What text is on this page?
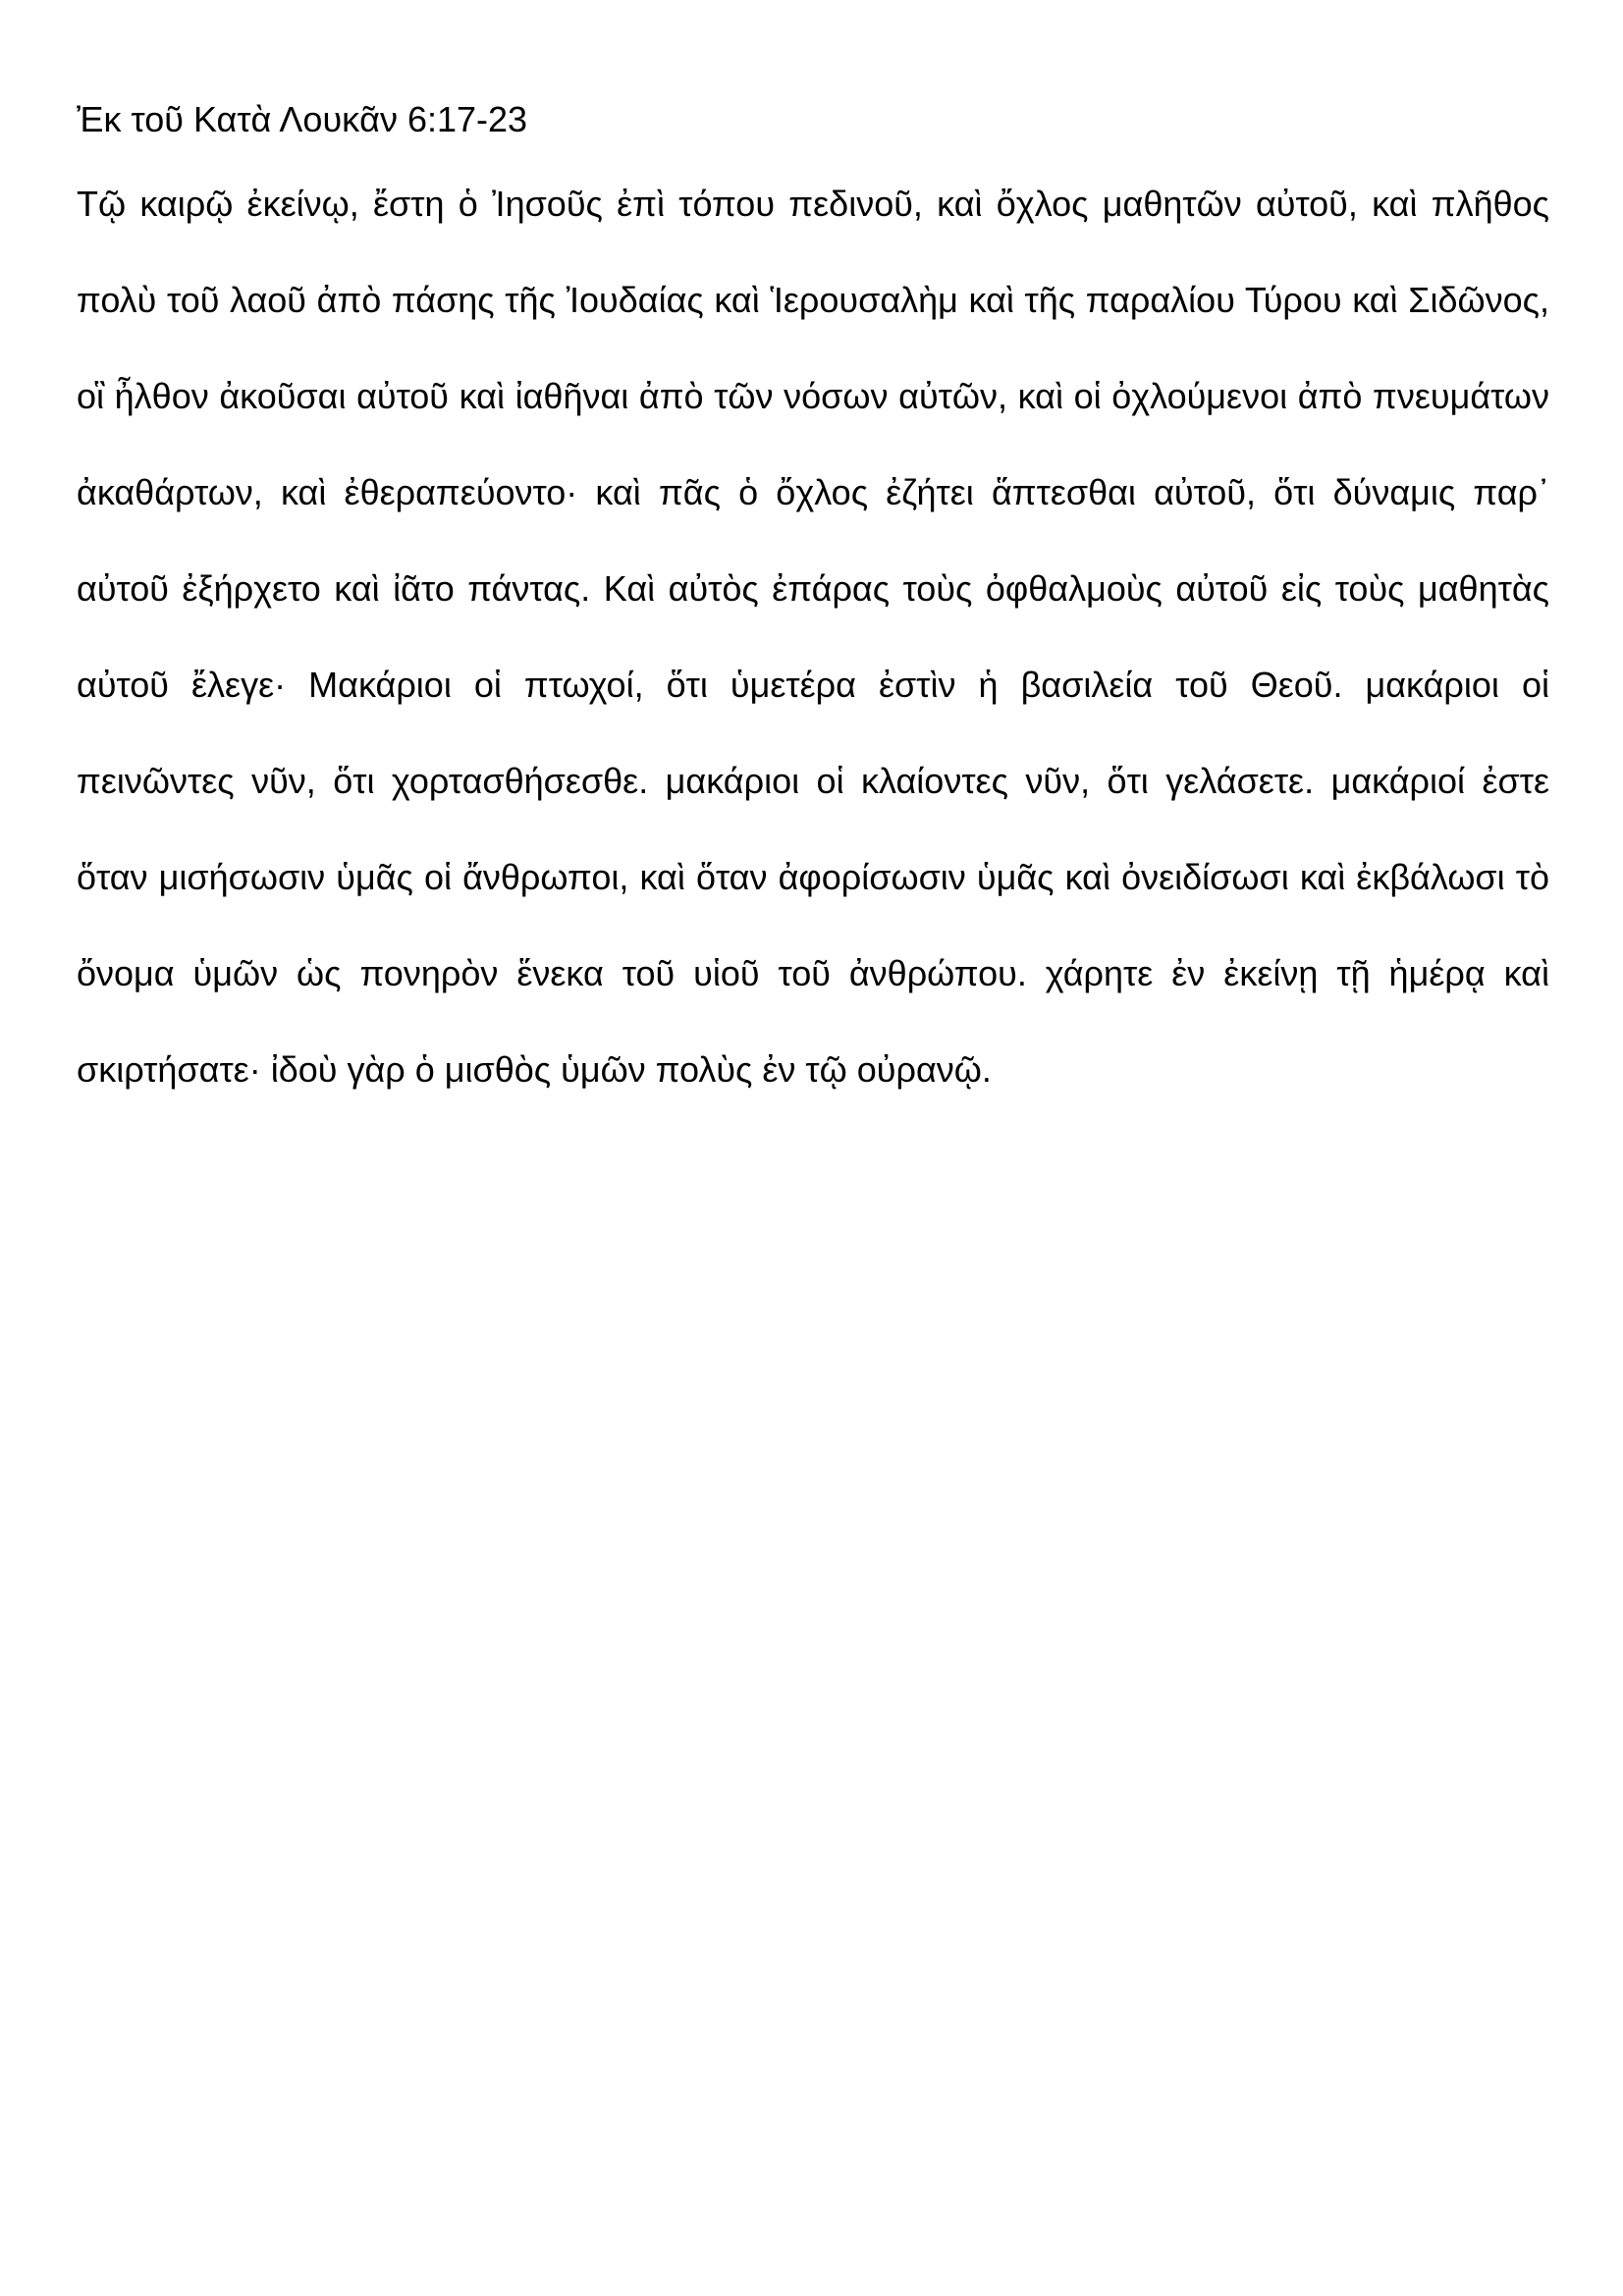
Ἐκ τοῦ Κατὰ Λουκᾶν 6:17-23

Τῷ καιρῷ ἐκείνῳ, ἔστη ὁ Ἰησοῦς ἐπὶ τόπου πεδινοῦ, καὶ ὄχλος μαθητῶν αὐτοῦ, καὶ πλῆθος πολὺ τοῦ λαοῦ ἀπὸ πάσης τῆς Ἰουδαίας καὶ Ἱερουσαλὴμ καὶ τῆς παραλίου Τύρου καὶ Σιδῶνος, οἳ ἦλθον ἀκοῦσαι αὐτοῦ καὶ ἰαθῆναι ἀπὸ τῶν νόσων αὐτῶν, καὶ οἱ ὀχλούμενοι ἀπὸ πνευμάτων ἀκαθάρτων, καὶ ἐθεραπεύοντο· καὶ πᾶς ὁ ὄχλος ἐζήτει ἅπτεσθαι αὐτοῦ, ὅτι δύναμις παρ᾽ αὐτοῦ ἐξήρχετο καὶ ἰᾶτο πάντας. Καὶ αὐτὸς ἐπάρας τοὺς ὀφθαλμοὺς αὐτοῦ εἰς τοὺς μαθητὰς αὐτοῦ ἔλεγε· Μακάριοι οἱ πτωχοί, ὅτι ὑμετέρα ἐστὶν ἡ βασιλεία τοῦ Θεοῦ. μακάριοι οἱ πεινῶντες νῦν, ὅτι χορτασθήσεσθε. μακάριοι οἱ κλαίοντες νῦν, ὅτι γελάσετε. μακάριοί ἐστε ὅταν μισήσωσιν ὑμᾶς οἱ ἄνθρωποι, καὶ ὅταν ἀφορίσωσιν ὑμᾶς καὶ ὀνειδίσωσι καὶ ἐκβάλωσι τὸ ὄνομα ὑμῶν ὡς πονηρὸν ἕνεκα τοῦ υἱοῦ τοῦ ἀνθρώπου. χάρητε ἐν ἐκείνῃ τῇ ἡμέρᾳ καὶ σκιρτήσατε· ἰδοὺ γὰρ ὁ μισθὸς ὑμῶν πολὺς ἐν τῷ οὐρανῷ.
